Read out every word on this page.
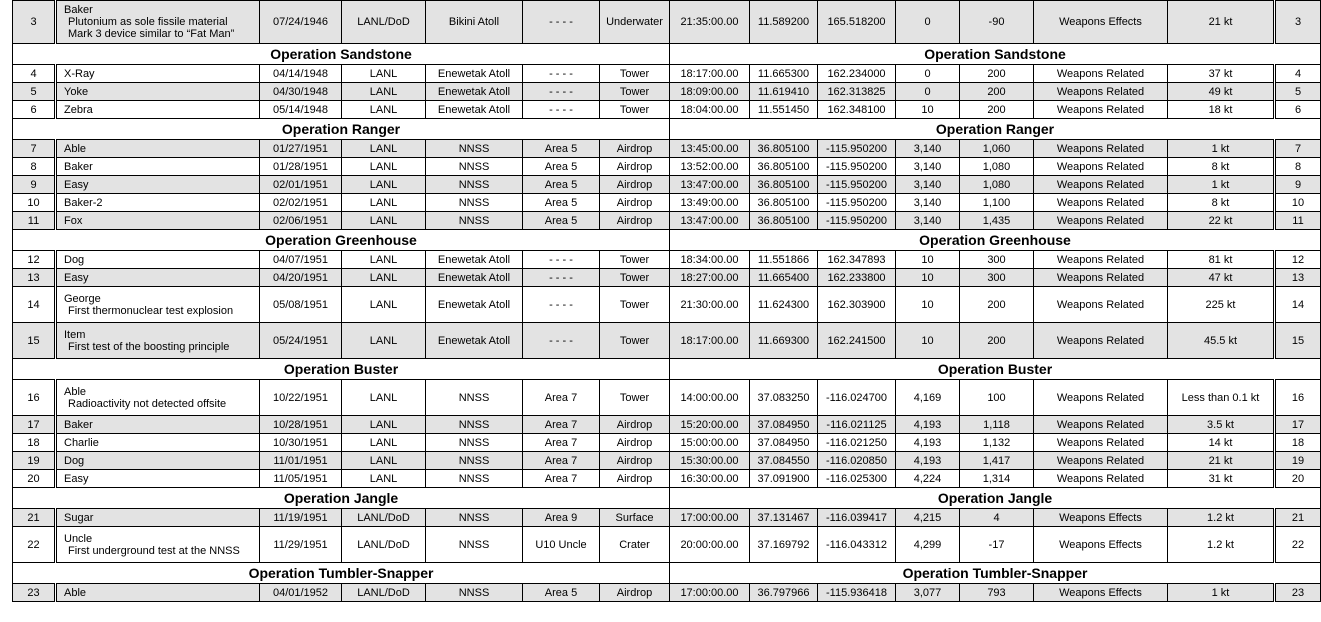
3	Baker
Plutonium as sole fissile material
Mark 3 device similar to “Fat Man”	07/24/1946	LANL/DoD	Bikini Atoll	- - - -	Underwater	21:35:00.00	11.589200	165.518200	0	-90	Weapons Effects	21 kt	3
Operation Sandstone							Operation Sandstone							
4	X-Ray	04/14/1948	LANL	Enewetak Atoll	- - - -	Tower	18:17:00.00	11.665300	162.234000	0	200	Weapons Related	37 kt	4
5	Yoke	04/30/1948	LANL	Enewetak Atoll	- - - -	Tower	18:09:00.00	11.619410	162.313825	0	200	Weapons Related	49 kt	5
6	Zebra	05/14/1948	LANL	Enewetak Atoll	- - - -	Tower	18:04:00.00	11.551450	162.348100	10	200	Weapons Related	18 kt	6
Operation Ranger							Operation Ranger							
7	Able	01/27/1951	LANL	NNSS	Area 5	Airdrop	13:45:00.00	36.805100	-115.950200	3,140	1,060	Weapons Related	1 kt	7
8	Baker	01/28/1951	LANL	NNSS	Area 5	Airdrop	13:52:00.00	36.805100	-115.950200	3,140	1,080	Weapons Related	8 kt	8
9	Easy	02/01/1951	LANL	NNSS	Area 5	Airdrop	13:47:00.00	36.805100	-115.950200	3,140	1,080	Weapons Related	1 kt	9
10	Baker-2	02/02/1951	LANL	NNSS	Area 5	Airdrop	13:49:00.00	36.805100	-115.950200	3,140	1,100	Weapons Related	8 kt	10
11	Fox	02/06/1951	LANL	NNSS	Area 5	Airdrop	13:47:00.00	36.805100	-115.950200	3,140	1,435	Weapons Related	22 kt	11
Operation Greenhouse							Operation Greenhouse							
12	Dog	04/07/1951	LANL	Enewetak Atoll	- - - -	Tower	18:34:00.00	11.551866	162.347893	10	300	Weapons Related	81 kt	12
13	Easy	04/20/1951	LANL	Enewetak Atoll	- - - -	Tower	18:27:00.00	11.665400	162.233800	10	300	Weapons Related	47 kt	13
14	George
First thermonuclear test explosion	05/08/1951	LANL	Enewetak Atoll	- - - -	Tower	21:30:00.00	11.624300	162.303900	10	200	Weapons Related	225 kt	14
15	Item
First test of the boosting principle	05/24/1951	LANL	Enewetak Atoll	- - - -	Tower	18:17:00.00	11.669300	162.241500	10	200	Weapons Related	45.5 kt	15
Operation Buster							Operation Buster							
16	Able
Radioactivity not detected offsite	10/22/1951	LANL	NNSS	Area 7	Tower	14:00:00.00	37.083250	-116.024700	4,169	100	Weapons Related	Less than 0.1 kt	16
17	Baker	10/28/1951	LANL	NNSS	Area 7	Airdrop	15:20:00.00	37.084950	-116.021125	4,193	1,118	Weapons Related	3.5 kt	17
18	Charlie	10/30/1951	LANL	NNSS	Area 7	Airdrop	15:00:00.00	37.084950	-116.021250	4,193	1,132	Weapons Related	14 kt	18
19	Dog	11/01/1951	LANL	NNSS	Area 7	Airdrop	15:30:00.00	37.084550	-116.020850	4,193	1,417	Weapons Related	21 kt	19
20	Easy	11/05/1951	LANL	NNSS	Area 7	Airdrop	16:30:00.00	37.091900	-116.025300	4,224	1,314	Weapons Related	31 kt	20
Operation Jangle							Operation Jangle							
21	Sugar	11/19/1951	LANL/DoD	NNSS	Area 9	Surface	17:00:00.00	37.131467	-116.039417	4,215	4	Weapons Effects	1.2 kt	21
22	Uncle
First underground test at the NNSS	11/29/1951	LANL/DoD	NNSS	U10 Uncle	Crater	20:00:00.00	37.169792	-116.043312	4,299	-17	Weapons Effects	1.2 kt	22
Operation Tumbler-Snapper							Operation Tumbler-Snapper							
23	Able	04/01/1952	LANL/DoD	NNSS	Area 5	Airdrop	17:00:00.00	36.797966	-115.936418	3,077	793	Weapons Effects	1 kt	23
